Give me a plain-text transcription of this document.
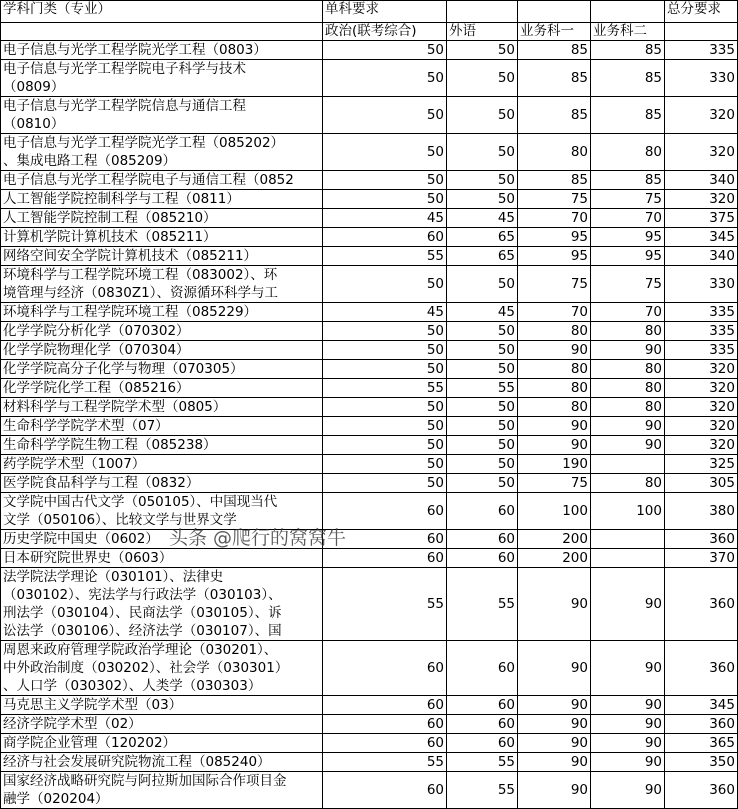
学科门类（专业）	单科要求				总分要求
	政治(联考综合)	外语	业务科一	业务科二	

电子信息与光学工程学院光学工程（0803）	50	50	85	85	335

电子信息与光学工程学院电子科学与技术
（0809）	50	50	85	85	330

电子信息与光学工程学院信息与通信工程
（0810）	50	50	85	85	320

电子信息与光学工程学院光学工程（085202）
、集成电路工程（085209）	50	50	80	80	320

电子信息与光学工程学院电子与通信工程（0852	50	50	85	85	340

人工智能学院控制科学与工程（0811）	50	50	75	75	320

人工智能学院控制工程（085210）	45	45	70	70	375

计算机学院计算机技术（085211）	60	65	95	95	345

网络空间安全学院计算机技术（085211）	55	65	95	95	340

环境科学与工程学院环境工程（083002）、环
境管理与经济（0830Z1）、资源循环科学与工	50	50	75	75	330

环境科学与工程学院环境工程（085229）	45	45	70	70	335

化学学院分析化学（070302）	50	50	80	80	335

化学学院物理化学（070304）	50	50	90	90	335

化学学院高分子化学与物理（070305）	50	50	80	80	320

化学学院化学工程（085216）	55	55	80	80	320

材料科学与工程学院学术型（0805）	50	50	80	80	320

生命科学学院学术型（07）	50	50	90	90	320

生命科学学院生物工程（085238）	50	50	90	90	320

药学院学术型（1007）	50	50	190		325

医学院食品科学与工程（0832）	50	50	75	80	305

文学院中国古代文学（050105）、中国现当代
文学（050106）、比较文学与世界文学	60	60	100	100	380

历史学院中国史（0602） 头条 @爬行的窝窝牛	60	60	200		360

日本研究院世界史（0603）	60	60	200		370

法学院法学理论（030101）、法律史
（030102）、宪法学与行政法学（030103）、
刑法学（030104）、民商法学（030105）、诉
讼法学（030106）、经济法学（030107）、国	55	55	90	90	360

周恩来政府管理学院政治学理论（030201）、
中外政治制度（030202）、社会学（030301）
、人口学（030302）、人类学（030303）	60	60	90	90	360

马克思主义学院学术型（03）	60	60	90	90	345

经济学院学术型（02）	60	60	90	90	360

商学院企业管理（120202）	60	60	90	90	365

经济与社会发展研究院物流工程（085240）	55	55	90	90	350

国家经济战略研究院与阿拉斯加国际合作项目金
融学（020204）	60	55	90	90	360
